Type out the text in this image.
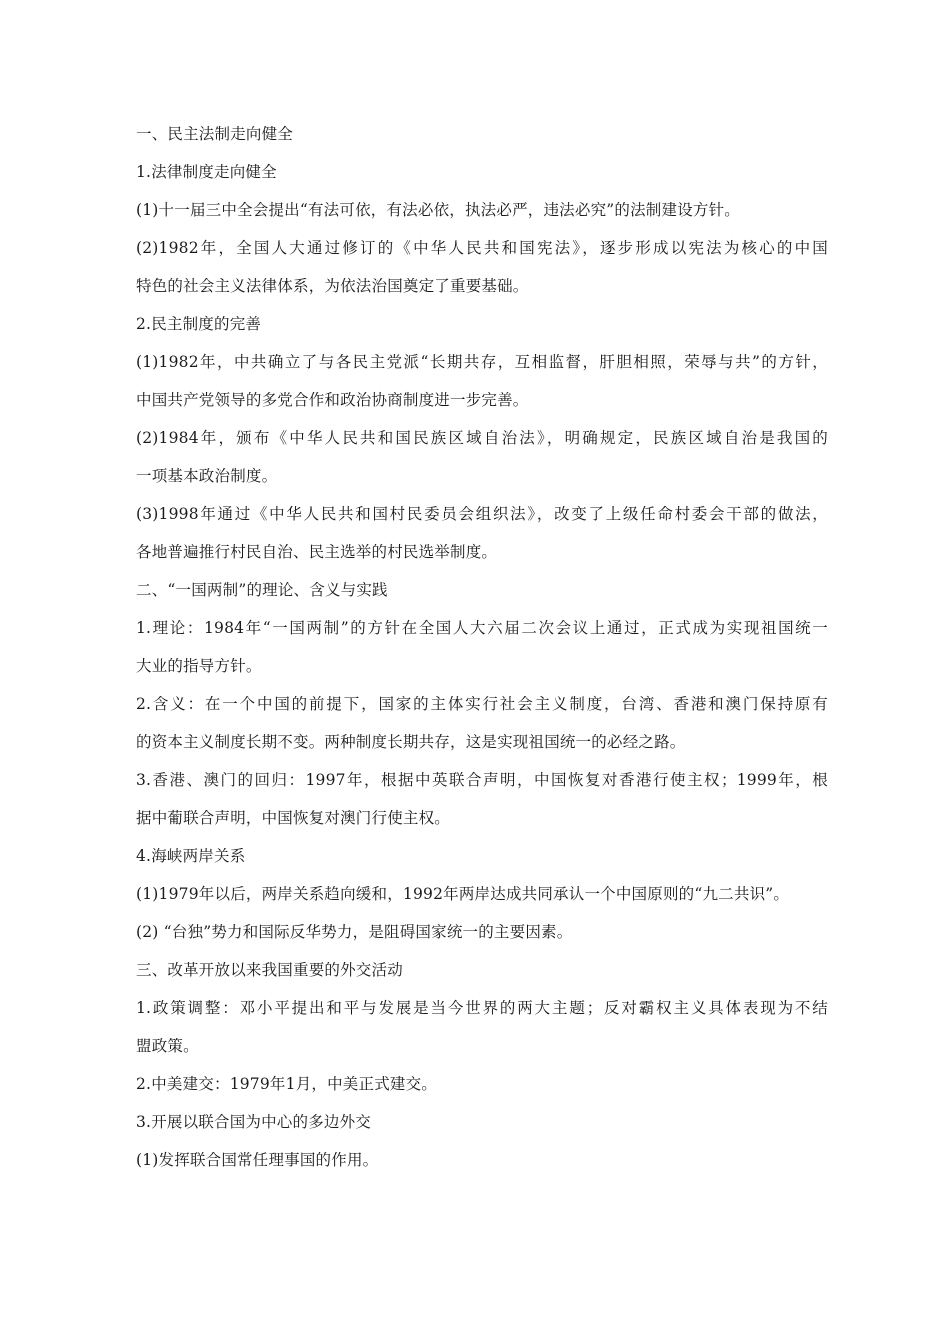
一、民主法制走向健全

1.法律制度走向健全

(1)十一届三中全会提出“有法可依，有法必依，执法必严，违法必究”的法制建设方针。

(2)1982年，全国人大通过修订的《中华人民共和国宪法》，逐步形成以宪法为核心的中国

特色的社会主义法律体系，为依法治国奠定了重要基础。

2.民主制度的完善

(1)1982年，中共确立了与各民主党派“长期共存，互相监督，肝胆相照，荣辱与共”的方针，

中国共产党领导的多党合作和政治协商制度进一步完善。

(2)1984年，颁布《中华人民共和国民族区域自治法》，明确规定，民族区域自治是我国的

一项基本政治制度。

(3)1998年通过《中华人民共和国村民委员会组织法》，改变了上级任命村委会干部的做法，

各地普遍推行村民自治、民主选举的村民选举制度。

二、“一国两制”的理论、含义与实践

1.理论：1984年“一国两制”的方针在全国人大六届二次会议上通过，正式成为实现祖国统一

大业的指导方针。

2.含义：在一个中国的前提下，国家的主体实行社会主义制度，台湾、香港和澳门保持原有

的资本主义制度长期不变。两种制度长期共存，这是实现祖国统一的必经之路。

3.香港、澳门的回归：1997年，根据中英联合声明，中国恢复对香港行使主权；1999年，根

据中葡联合声明，中国恢复对澳门行使主权。

4.海峡两岸关系

(1)1979年以后，两岸关系趋向缓和，1992年两岸达成共同承认一个中国原则的“九二共识”。

(2) “台独”势力和国际反华势力，是阻碍国家统一的主要因素。

三、改革开放以来我国重要的外交活动

1.政策调整：邓小平提出和平与发展是当今世界的两大主题；反对霸权主义具体表现为不结

盟政策。

2.中美建交：1979年1月，中美正式建交。

3.开展以联合国为中心的多边外交

(1)发挥联合国常任理事国的作用。
